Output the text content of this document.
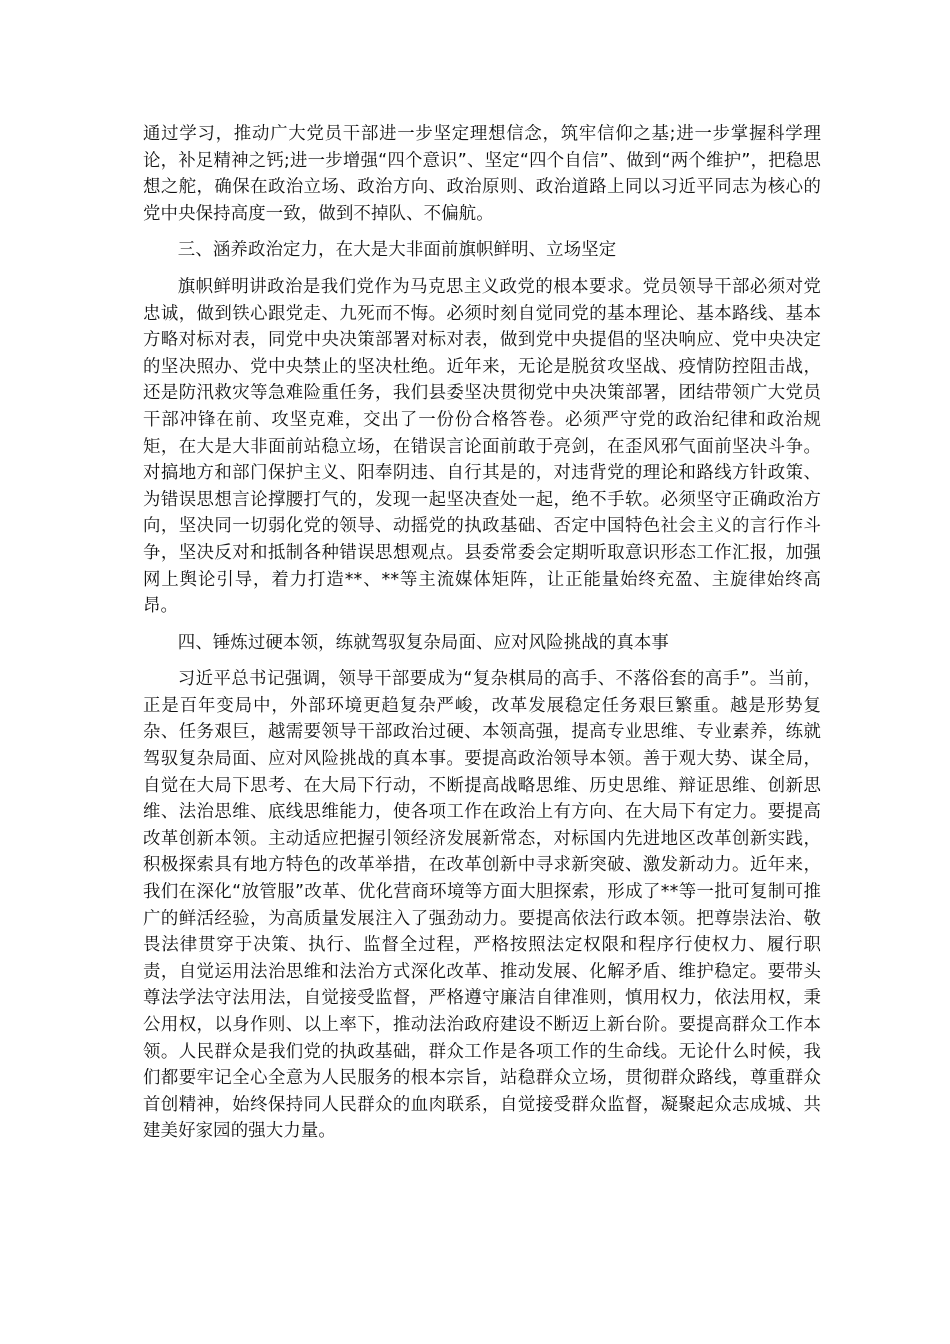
通过学习，推动广大党员干部进一步坚定理想信念，筑牢信仰之基;进一步掌握科学理论，补足精神之钙;进一步增强“四个意识”、坚定“四个自信”、做到“两个维护”，把稳思想之舵，确保在政治立场、政治方向、政治原则、政治道路上同以习近平同志为核心的党中央保持高度一致，做到不掉队、不偏航。

三、涵养政治定力，在大是大非面前旗帜鲜明、立场坚定

旗帜鲜明讲政治是我们党作为马克思主义政党的根本要求。党员领导干部必须对党忠诚，做到铁心跟党走、九死而不悔。必须时刻自觉同党的基本理论、基本路线、基本方略对标对表，同党中央决策部署对标对表，做到党中央提倡的坚决响应、党中央决定的坚决照办、党中央禁止的坚决杜绝。近年来，无论是脱贫攻坚战、疫情防控阻击战，还是防汛救灾等急难险重任务，我们县委坚决贯彻党中央决策部署，团结带领广大党员干部冲锋在前、攻坚克难，交出了一份份合格答卷。必须严守党的政治纪律和政治规矩，在大是大非面前站稳立场，在错误言论面前敢于亮剑，在歪风邪气面前坚决斗争。对搞地方和部门保护主义、阳奉阴违、自行其是的，对违背党的理论和路线方针政策、为错误思想言论撑腰打气的，发现一起坚决查处一起，绝不手软。必须坚守正确政治方向，坚决同一切弱化党的领导、动摇党的执政基础、否定中国特色社会主义的言行作斗争，坚决反对和抵制各种错误思想观点。县委常委会定期听取意识形态工作汇报，加强网上舆论引导，着力打造**、**等主流媒体矩阵，让正能量始终充盈、主旋律始终高昂。

四、锤炼过硬本领，练就驾驭复杂局面、应对风险挑战的真本事

习近平总书记强调，领导干部要成为“复杂棋局的高手、不落俗套的高手”。当前，正是百年变局中，外部环境更趋复杂严峻，改革发展稳定任务艰巨繁重。越是形势复杂、任务艰巨，越需要领导干部政治过硬、本领高强，提高专业思维、专业素养，练就驾驭复杂局面、应对风险挑战的真本事。要提高政治领导本领。善于观大势、谋全局，自觉在大局下思考、在大局下行动，不断提高战略思维、历史思维、辩证思维、创新思维、法治思维、底线思维能力，使各项工作在政治上有方向、在大局下有定力。要提高改革创新本领。主动适应把握引领经济发展新常态，对标国内先进地区改革创新实践，积极探索具有地方特色的改革举措，在改革创新中寻求新突破、激发新动力。近年来，我们在深化“放管服”改革、优化营商环境等方面大胆探索，形成了**等一批可复制可推广的鲜活经验，为高质量发展注入了强劲动力。要提高依法行政本领。把尊崇法治、敬畏法律贯穿于决策、执行、监督全过程，严格按照法定权限和程序行使权力、履行职责，自觉运用法治思维和法治方式深化改革、推动发展、化解矛盾、维护稳定。要带头尊法学法守法用法，自觉接受监督，严格遵守廉洁自律准则，慎用权力，依法用权，秉公用权，以身作则、以上率下，推动法治政府建设不断迈上新台阶。要提高群众工作本领。人民群众是我们党的执政基础，群众工作是各项工作的生命线。无论什么时候，我们都要牢记全心全意为人民服务的根本宗旨，站稳群众立场，贯彻群众路线，尊重群众首创精神，始终保持同人民群众的血肉联系，自觉接受群众监督，凝聚起众志成城、共建美好家园的强大力量。
